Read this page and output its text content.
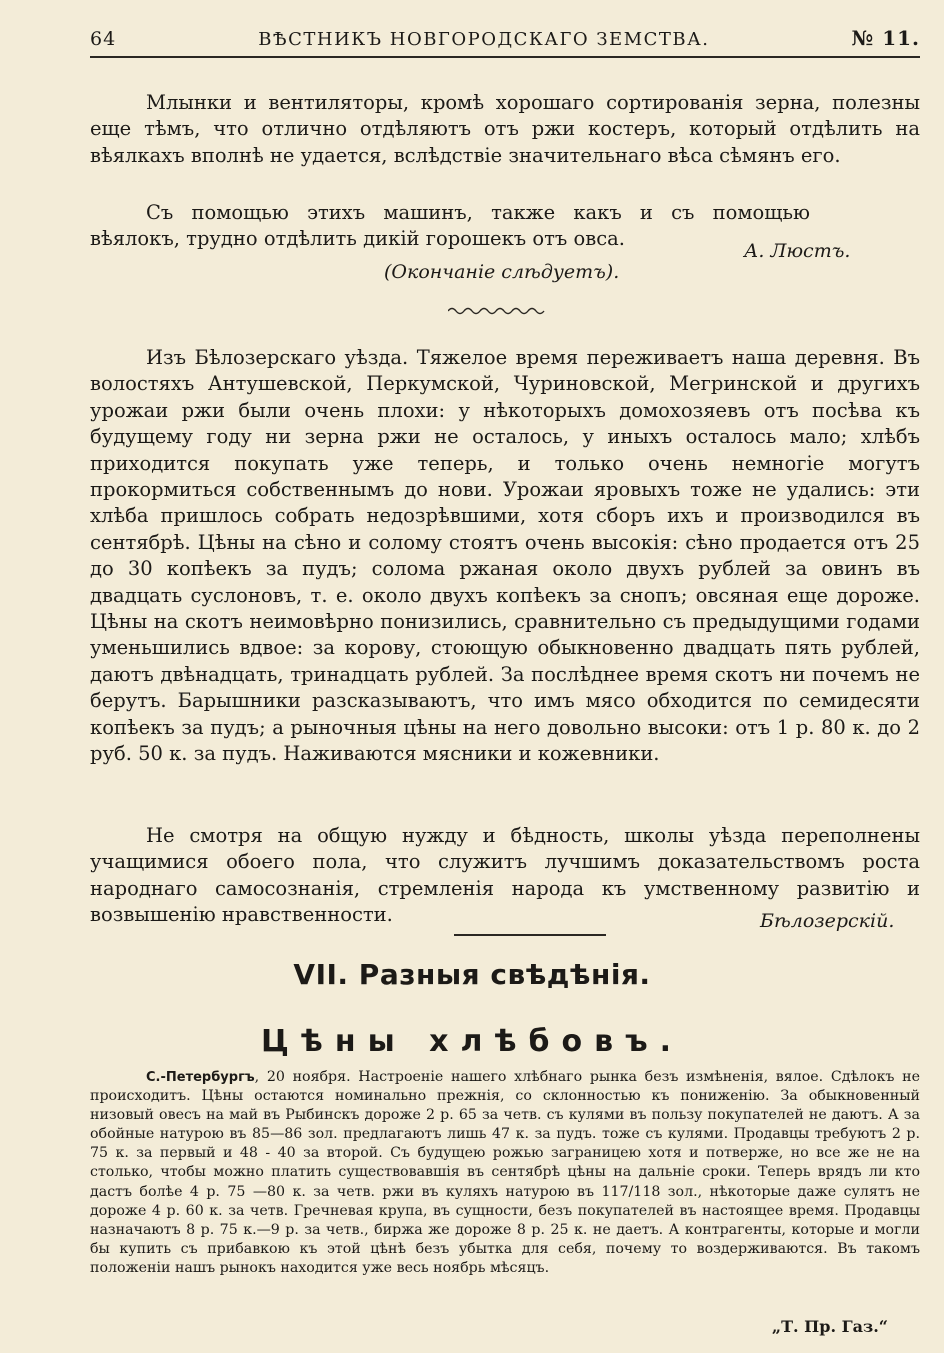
64	ВѢСТНИКЪ НОВГОРОДСКАГО ЗЕМСТВА.	№ 11.

Млынки и вентиляторы, кромѣ хорошаго сортированія зерна, полезны еще тѣмъ, что отлично отдѣляютъ отъ ржи костеръ, который отдѣлить на вѣялкахъ вполнѣ не удается, вслѣдствіе значительнаго вѣса сѣмянъ его.

Съ помощью этихъ машинъ, также какъ и съ помощью вѣялокъ, трудно отдѣлить дикій горошекъ отъ овса.

А. Люстъ.
(Окончаніе слѣдуетъ).

Изъ Бѣлозерскаго уѣзда. Тяжелое время переживаетъ наша деревня. Въ волостяхъ Антушевской, Перкумской, Чуриновской, Мегринской и другихъ урожаи ржи были очень плохи: у нѣкоторыхъ домохозяевъ отъ посѣва къ будущему году ни зерна ржи не осталось, у иныхъ осталось мало; хлѣбъ приходится покупать уже теперь, и только очень немногіе могутъ прокормиться собственнымъ до нови. Урожаи яровыхъ тоже не удались: эти хлѣба пришлось собрать недозрѣвшими, хотя сборъ ихъ и производился въ сентябрѣ. Цѣны на сѣно и солому стоятъ очень высокія: сѣно продается отъ 25 до 30 копѣекъ за пудъ; солома ржаная около двухъ рублей за овинъ въ двадцать суслоновъ, т. е. около двухъ копѣекъ за снопъ; овсяная еще дороже. Цѣны на скотъ неимовѣрно понизились, сравнительно съ предыдущими годами уменьшились вдвое: за корову, стоющую обыкновенно двадцать пять рублей, даютъ двѣнадцать, тринадцать рублей. За послѣднее время скотъ ни почемъ не берутъ. Барышники разсказываютъ, что имъ мясо обходится по семидесяти копѣекъ за пудъ; а рыночныя цѣны на него довольно высоки: отъ 1 р. 80 к. до 2 руб. 50 к. за пудъ. Наживаются мясники и кожевники.

Не смотря на общую нужду и бѣдность, школы уѣзда переполнены учащимися обоего пола, что служитъ лучшимъ доказательствомъ роста народнаго самосознанія, стремленія народа къ умственному развитію и возвышенію нравственности.	Бѣлозерскій.
VII. Разныя свѣдѣнія.
Цѣны хлѣбовъ.

С.-Петербургъ, 20 ноября. Настроеніе нашего хлѣбнаго рынка безъ измѣненія, вялое. Сдѣлокъ не происходитъ. Цѣны остаются номинально прежнія, со склонностью къ пониженію. За обыкновенный низовый овесъ на май въ Рыбинскъ дороже 2 р. 65 за четв. съ кулями въ пользу покупателей не даютъ. А за обойные натурою въ 85—86 зол. предлагаютъ лишь 47 к. за пудъ. тоже съ кулями. Продавцы требуютъ 2 р. 75 к. за первый и 48 - 40 за второй. Съ будущею рожью заграницею хотя и потверже, но все же не на столько, чтобы можно платить существовавшія въ сентябрѣ цѣны на дальніе сроки. Теперь врядъ ли кто дастъ болѣе 4 р. 75 —80 к. за четв. ржи въ куляхъ натурою въ 117/118 зол., нѣкоторые даже сулятъ не дороже 4 р. 60 к. за четв. Гречневая крупа, въ сущности, безъ покупателей въ настоящее время. Продавцы назначаютъ 8 р. 75 к.—9 р. за четв., биржа же дороже 8 р. 25 к. не даетъ. А контрагенты, которые и могли бы купить съ прибавкою къ этой цѣнѣ безъ убытка для себя, почему то воздерживаются. Въ такомъ положеніи нашъ рынокъ находится уже весь ноябрь мѣсяцъ.

„Т. Пр. Газ.“
